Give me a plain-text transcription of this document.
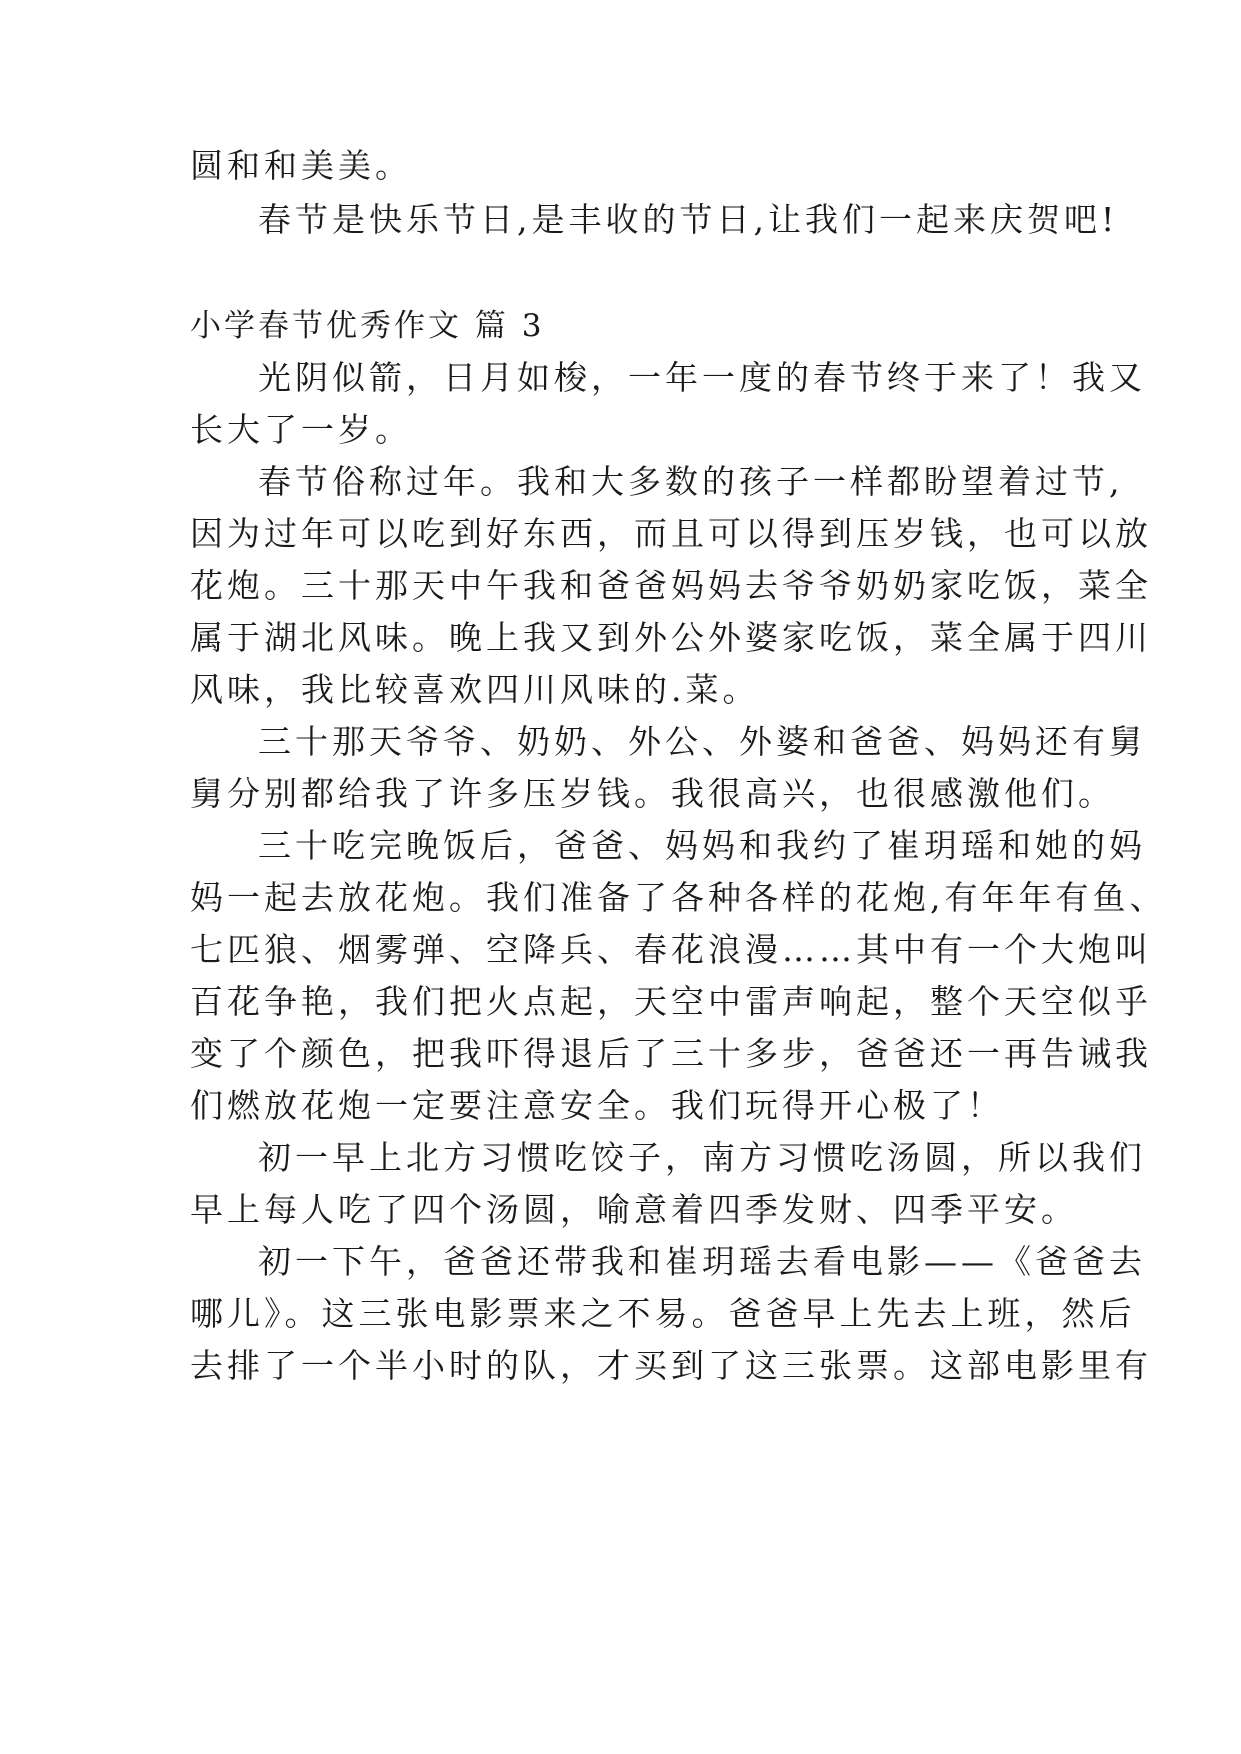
圆和和美美。
春节是快乐节日,是丰收的节日,让我们一起来庆贺吧!
小学春节优秀作文 篇 3
光阴似箭，日月如梭，一年一度的春节终于来了！我又
长大了一岁。
春节俗称过年。我和大多数的孩子一样都盼望着过节,
因为过年可以吃到好东西，而且可以得到压岁钱，也可以放
花炮。三十那天中午我和爸爸妈妈去爷爷奶奶家吃饭，菜全
属于湖北风味。晚上我又到外公外婆家吃饭，菜全属于四川
风味，我比较喜欢四川风味的.菜。
三十那天爷爷、奶奶、外公、外婆和爸爸、妈妈还有舅
舅分别都给我了许多压岁钱。我很高兴，也很感激他们。
三十吃完晚饭后，爸爸、妈妈和我约了崔玥瑶和她的妈
妈一起去放花炮。我们准备了各种各样的花炮,有年年有鱼、
七匹狼、烟雾弹、空降兵、春花浪漫……其中有一个大炮叫
百花争艳，我们把火点起，天空中雷声响起，整个天空似乎
变了个颜色，把我吓得退后了三十多步，爸爸还一再告诫我
们燃放花炮一定要注意安全。我们玩得开心极了！
初一早上北方习惯吃饺子，南方习惯吃汤圆，所以我们
早上每人吃了四个汤圆，喻意着四季发财、四季平安。
初一下午，爸爸还带我和崔玥瑶去看电影——《爸爸去
哪儿》。这三张电影票来之不易。爸爸早上先去上班，然后
去排了一个半小时的队，才买到了这三张票。这部电影里有
